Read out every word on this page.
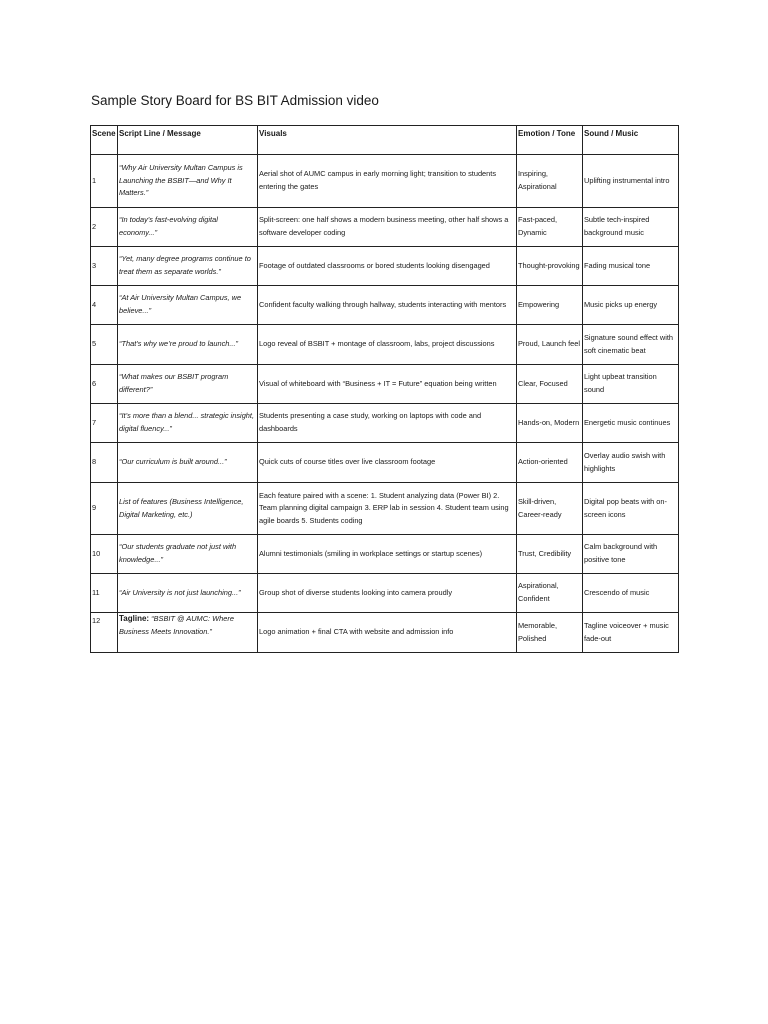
Sample Story Board for BS BIT Admission video
Scene	Script Line / Message	Visuals	Emotion / Tone	Sound / Music
1	“Why Air University Multan Campus is Launching the BSBIT—and Why It Matters.”	Aerial shot of AUMC campus in early morning light; transition to students entering the gates	Inspiring, Aspirational	Uplifting instrumental intro
2	“In today’s fast-evolving digital economy...”	Split-screen: one half shows a modern business meeting, other half shows a software developer coding	Fast-paced, Dynamic	Subtle tech-inspired background music
3	“Yet, many degree programs continue to treat them as separate worlds.”	Footage of outdated classrooms or bored students looking disengaged	Thought-provoking	Fading musical tone
4	“At Air University Multan Campus, we believe...”	Confident faculty walking through hallway, students interacting with mentors	Empowering	Music picks up energy
5	“That’s why we’re proud to launch...”	Logo reveal of BSBIT + montage of classroom, labs, project discussions	Proud, Launch feel	Signature sound effect with soft cinematic beat
6	“What makes our BSBIT program different?”	Visual of whiteboard with “Business + IT = Future” equation being written	Clear, Focused	Light upbeat transition sound
7	“It’s more than a blend... strategic insight, digital fluency...”	Students presenting a case study, working on laptops with code and dashboards	Hands-on, Modern	Energetic music continues
8	“Our curriculum is built around...”	Quick cuts of course titles over live classroom footage	Action-oriented	Overlay audio swish with highlights
9	List of features (Business Intelligence, Digital Marketing, etc.)	Each feature paired with a scene: 1. Student analyzing data (Power BI) 2. Team planning digital campaign 3. ERP lab in session 4. Student team using agile boards 5. Students coding	Skill-driven, Career-ready	Digital pop beats with on-screen icons
10	“Our students graduate not just with knowledge...”	Alumni testimonials (smiling in workplace settings or startup scenes)	Trust, Credibility	Calm background with positive tone
11	“Air University is not just launching...”	Group shot of diverse students looking into camera proudly	Aspirational, Confident	Crescendo of music
12	Tagline: “BSBIT @ AUMC: Where Business Meets Innovation.”	Logo animation + final CTA with website and admission info	Memorable, Polished	Tagline voiceover + music fade-out
